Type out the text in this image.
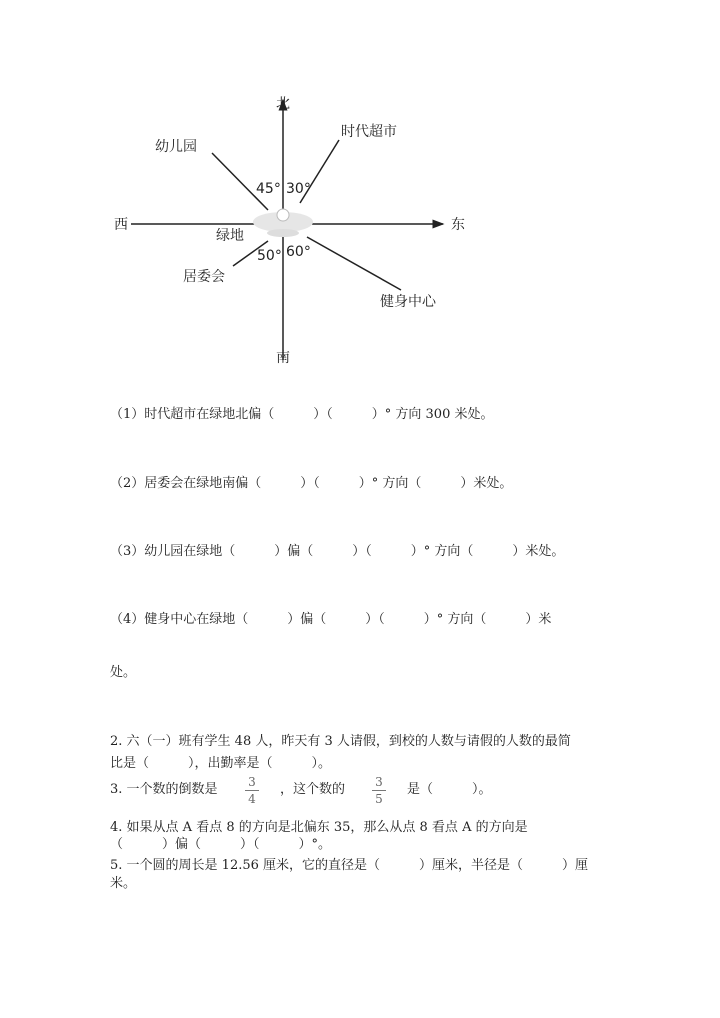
北
南
西	东
绿地
幼儿园
时代超市
居委会
健身中心
45° 30°
50° 60°
（1）时代超市在绿地北偏（　　　）（　　　）° 方向 300 米处。
（2）居委会在绿地南偏（　　　）（　　　）° 方向（　　　）米处。
（3）幼儿园在绿地（　　　）偏（　　　）（　　　）° 方向（　　　）米处。
（4）健身中心在绿地（　　　）偏（　　　）（　　　）° 方向（　　　）米
处。
2. 六（一）班有学生 48 人，昨天有 3 人请假，到校的人数与请假的人数的最简
比是（　　　），出勤率是（　　　）。
3. 一个数的倒数是	3
4
，这个数的	3
5
是（　　　）。
4. 如果从点 A 看点 8 的方向是北偏东 35，那么从点 8 看点 A 的方向是
（　　　）偏（　　　）（　　　）°。
5. 一个圆的周长是 12.56 厘米，它的直径是（　　　）厘米，半径是（　　　）厘
米。
